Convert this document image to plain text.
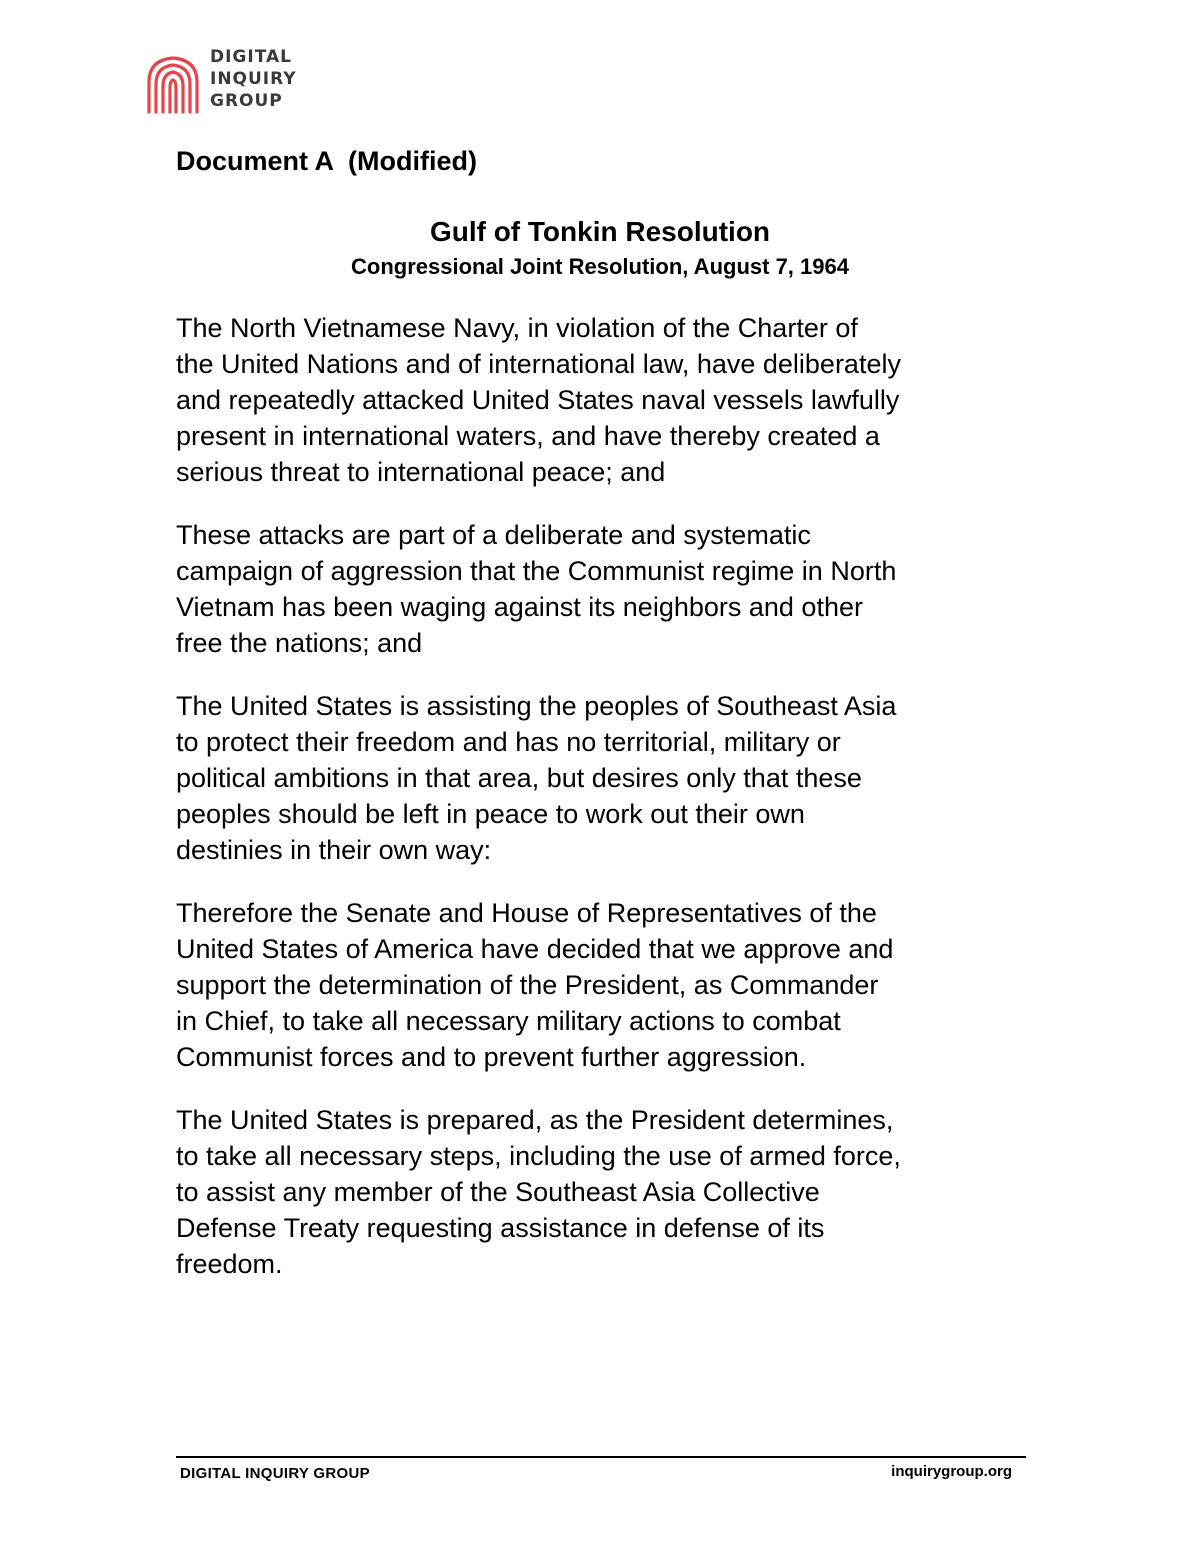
DIGITAL
INQUIRY
GROUP
Document A  (Modified)
Gulf of Tonkin Resolution
Congressional Joint Resolution, August 7, 1964

The North Vietnamese Navy, in violation of the Charter of
the United Nations and of international law, have deliberately
and repeatedly attacked United States naval vessels lawfully
present in international waters, and have thereby created a
serious threat to international peace; and

These attacks are part of a deliberate and systematic
campaign of aggression that the Communist regime in North
Vietnam has been waging against its neighbors and other
free the nations; and

The United States is assisting the peoples of Southeast Asia
to protect their freedom and has no territorial, military or
political ambitions in that area, but desires only that these
peoples should be left in peace to work out their own
destinies in their own way:

Therefore the Senate and House of Representatives of the
United States of America have decided that we approve and
support the determination of the President, as Commander
in Chief, to take all necessary military actions to combat
Communist forces and to prevent further aggression.

The United States is prepared, as the President determines,
to take all necessary steps, including the use of armed force,
to assist any member of the Southeast Asia Collective
Defense Treaty requesting assistance in defense of its
freedom.

DIGITAL INQUIRY GROUP	inquirygroup.org
